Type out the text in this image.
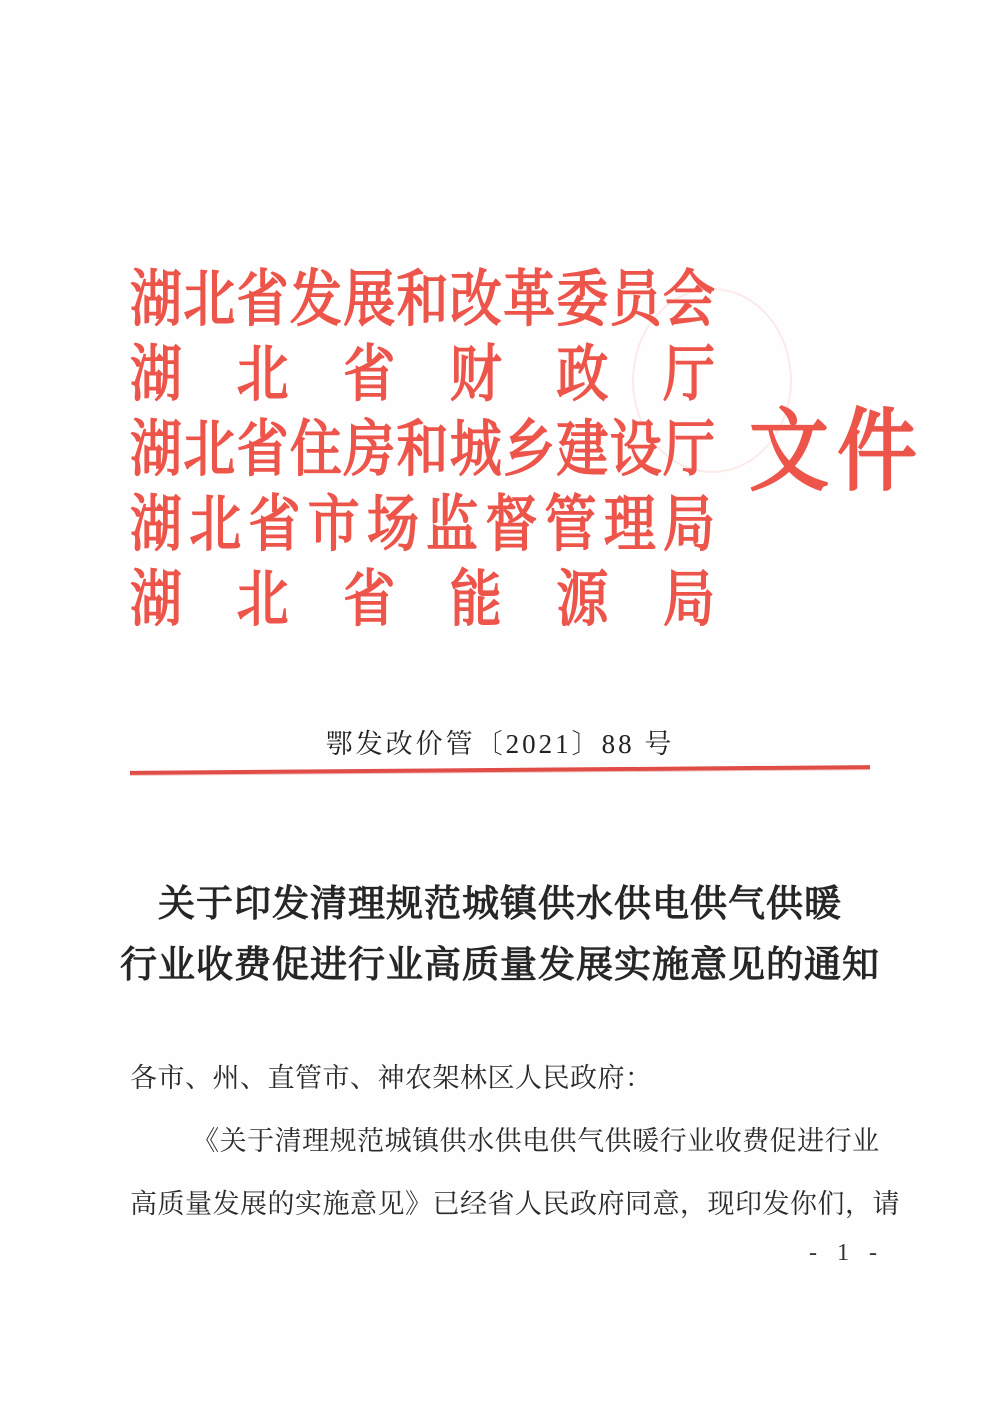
湖 北 省 发 展 和 改 革 委 员 会
湖 北 省 财 政 厅
湖 北 省 住 房 和 城 乡 建 设 厅
湖 北 省 市 场 监 督 管 理 局
湖 北 省 能 源 局
文件
鄂发改价管〔2021〕88 号
关于印发清理规范城镇供水供电供气供暖
行业收费促进行业高质量发展实施意见的通知
各市、州、直管市、神农架林区人民政府：
《关于清理规范城镇供水供电供气供暖行业收费促进行业
高质量发展的实施意见》已经省人民政府同意，现印发你们，请
- 1 -
